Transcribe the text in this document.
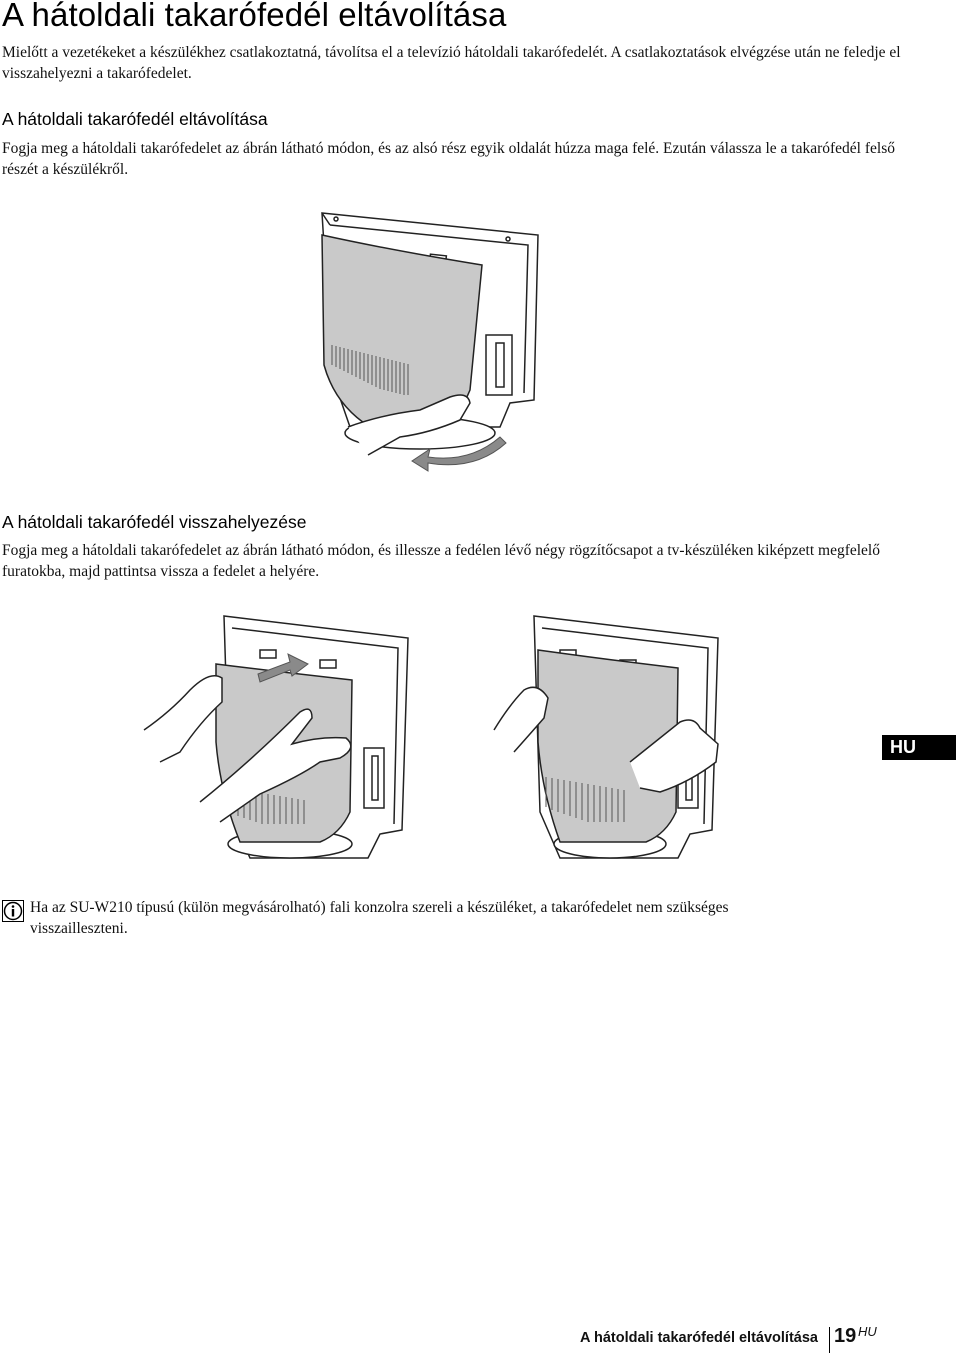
A hátoldali takarófedél eltávolítása

Mielőtt a vezetékeket a készülékhez csatlakoztatná, távolítsa el a televízió hátoldali takarófedelét. A csatlakoztatások elvégzése után ne feledje el visszahelyezni a takarófedelet.

A hátoldali takarófedél eltávolítása

Fogja meg a hátoldali takarófedelet az ábrán látható módon, és az alsó rész egyik oldalát húzza maga felé. Ezután válassza le a takarófedél felső részét a készülékről.

A hátoldali takarófedél visszahelyezése

Fogja meg a hátoldali takarófedelet az ábrán látható módon, és illessze a fedélen lévő négy rögzítőcsapot a tv-készüléken kiképzett megfelelő furatokba, majd pattintsa vissza a fedelet a helyére.

HU

Ha az SU-W210 típusú (külön megvásárolható) fali konzolra szereli a készüléket, a takarófedelet nem szükséges visszailleszteni.

A hátoldali takarófedél eltávolítása 19 HU
